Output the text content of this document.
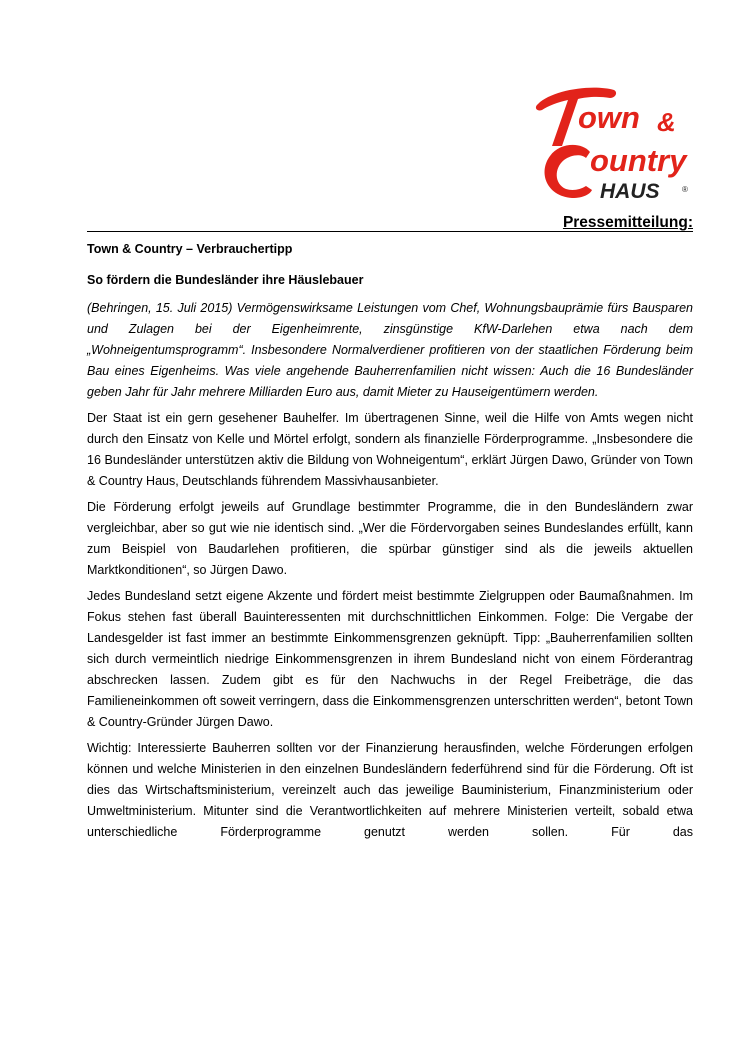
own &
ountry
HAUS	®
Pressemitteilung:
Town & Country – Verbrauchertipp
So fördern die Bundesländer ihre Häuslebauer

(Behringen, 15. Juli 2015) Vermögenswirksame Leistungen vom Chef, Wohnungsbauprämie fürs Bausparen und Zulagen bei der Eigenheimrente, zinsgünstige KfW-Darlehen etwa nach dem „Wohneigentumsprogramm“. Insbesondere Normalverdiener profitieren von der staatlichen Förderung beim Bau eines Eigenheims. Was viele angehende Bauherrenfamilien nicht wissen: Auch die 16 Bundesländer geben Jahr für Jahr mehrere Milliarden Euro aus, damit Mieter zu Hauseigentümern werden.

Der Staat ist ein gern gesehener Bauhelfer. Im übertragenen Sinne, weil die Hilfe von Amts wegen nicht durch den Einsatz von Kelle und Mörtel erfolgt, sondern als finanzielle Förderprogramme. „Insbesondere die 16 Bundesländer unterstützen aktiv die Bildung von Wohneigentum“, erklärt Jürgen Dawo, Gründer von Town & Country Haus, Deutschlands führendem Massivhausanbieter.

Die Förderung erfolgt jeweils auf Grundlage bestimmter Programme, die in den Bundesländern zwar vergleichbar, aber so gut wie nie identisch sind. „Wer die Fördervorgaben seines Bundeslandes erfüllt, kann zum Beispiel von Baudarlehen profitieren, die spürbar günstiger sind als die jeweils aktuellen Marktkonditionen“, so Jürgen Dawo.

Jedes Bundesland setzt eigene Akzente und fördert meist bestimmte Zielgruppen oder Baumaßnahmen. Im Fokus stehen fast überall Bauinteressenten mit durchschnittlichen Einkommen. Folge: Die Vergabe der Landesgelder ist fast immer an bestimmte Einkommensgrenzen geknüpft. Tipp: „Bauherrenfamilien sollten sich durch vermeintlich niedrige Einkommensgrenzen in ihrem Bundesland nicht von einem Förderantrag abschrecken lassen. Zudem gibt es für den Nachwuchs in der Regel Freibeträge, die das Familieneinkommen oft soweit verringern, dass die Einkommensgrenzen unterschritten werden“, betont Town & Country-Gründer Jürgen Dawo.

Wichtig: Interessierte Bauherren sollten vor der Finanzierung herausfinden, welche Förderungen erfolgen können und welche Ministerien in den einzelnen Bundesländern federführend sind für die Förderung. Oft ist dies das Wirtschaftsministerium, vereinzelt auch das jeweilige Bauministerium, Finanzministerium oder Umweltministerium. Mitunter sind die Verantwortlichkeiten auf mehrere Ministerien verteilt, sobald etwa unterschiedliche Förderprogramme genutzt werden sollen. Für das
